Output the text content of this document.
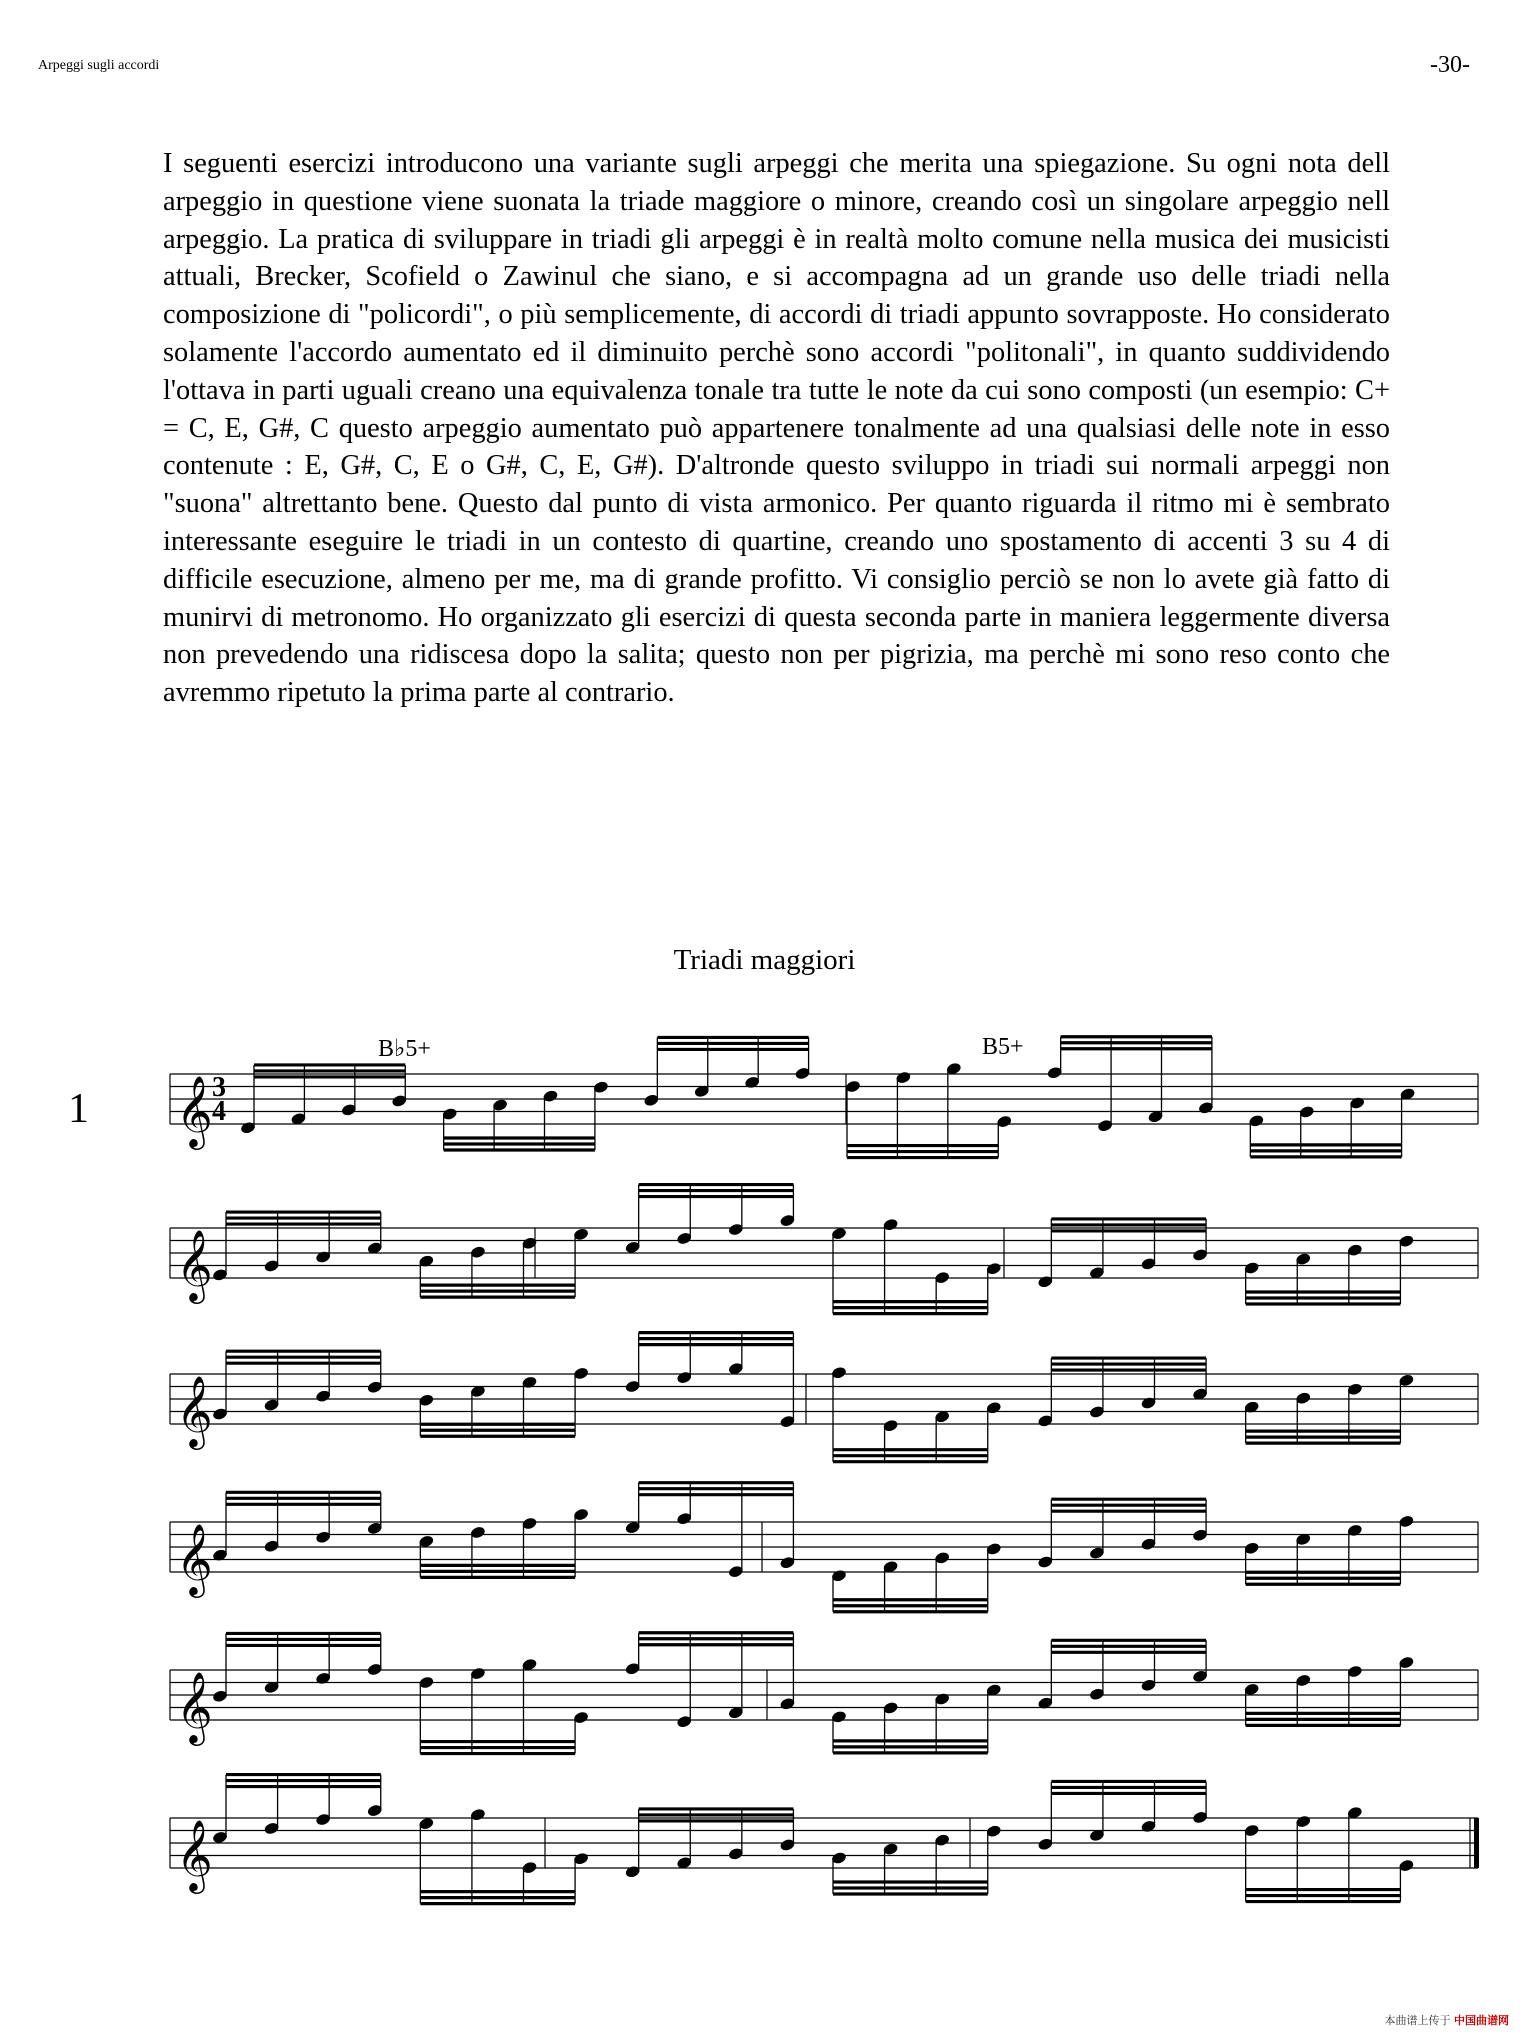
Arpeggi sugli accordi	-30-

I seguenti esercizi introducono una variante sugli arpeggi che merita una spiegazione. Su ogni nota dell arpeggio in questione viene suonata la triade maggiore o minore, creando così un singolare arpeggio nell arpeggio. La pratica di sviluppare in triadi gli arpeggi è in realtà molto comune nella musica dei musicisti attuali, Brecker, Scofield o Zawinul che siano, e si accompagna ad un grande uso delle triadi nella composizione di "policordi", o più semplicemente, di accordi di triadi appunto sovrapposte. Ho considerato solamente l'accordo aumentato ed il diminuito perchè sono accordi "politonali", in quanto suddividendo l'ottava in parti uguali creano una equivalenza tonale tra tutte le note da cui sono composti (un esempio: C+ = C, E, G#, C questo arpeggio aumentato può appartenere tonalmente ad una qualsiasi delle note in esso contenute : E, G#, C, E o G#, C, E, G#). D'altronde questo sviluppo in triadi sui normali arpeggi non "suona" altrettanto bene. Questo dal punto di vista armonico. Per quanto riguarda il ritmo mi è sembrato interessante eseguire le triadi in un contesto di quartine, creando uno spostamento di accenti 3 su 4 di difficile esecuzione, almeno per me, ma di grande profitto. Vi consiglio perciò se non lo avete già fatto di munirvi di metronomo. Ho organizzato gli esercizi di questa seconda parte in maniera leggermente diversa non prevedendo una ridiscesa dopo la salita; questo non per pigrizia, ma perchè mi sono reso conto che avremmo ripetuto la prima parte al contrario.

Triadi maggiori
B♭5+	B5+
1 𝄞
𝄞
𝄞
𝄞
𝄞
𝄞
3
4
本曲谱上传于 中国曲谱网
